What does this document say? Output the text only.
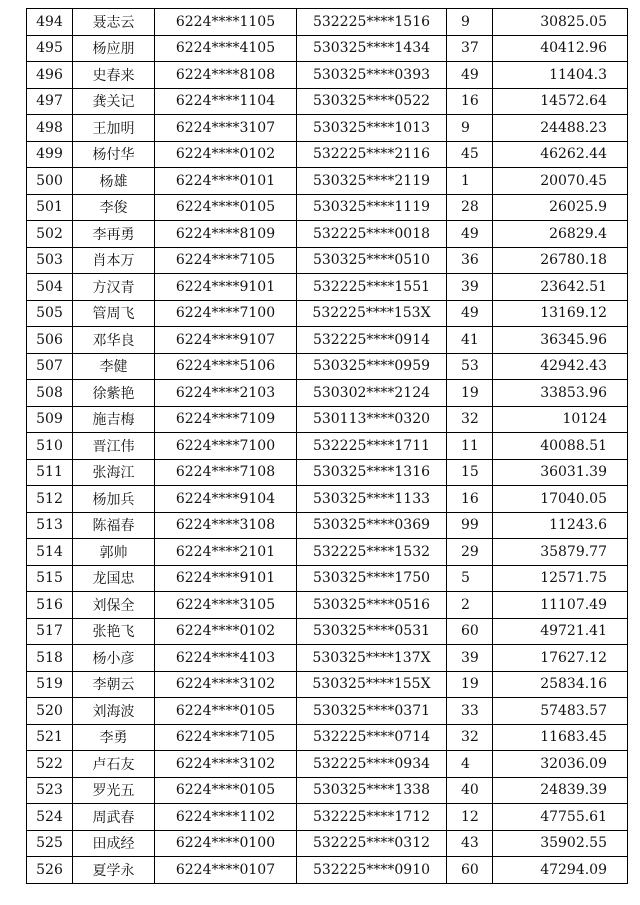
494	聂志云	6224****1105	532225****1516	9	30825.05
495	杨应朋	6224****4105	530325****1434	37	40412.96
496	史春来	6224****8108	530325****0393	49	11404.3
497	龚关记	6224****1104	530325****0522	16	14572.64
498	王加明	6224****3107	530325****1013	9	24488.23
499	杨付华	6224****0102	532225****2116	45	46262.44
500	杨雄	6224****0101	530325****2119	1	20070.45
501	李俊	6224****0105	530325****1119	28	26025.9
502	李再勇	6224****8109	532225****0018	49	26829.4
503	肖本万	6224****7105	530325****0510	36	26780.18
504	方汉青	6224****9101	532225****1551	39	23642.51
505	管周飞	6224****7100	532225****153X	49	13169.12
506	邓华良	6224****9107	532225****0914	41	36345.96
507	李健	6224****5106	530325****0959	53	42942.43
508	徐紫艳	6224****2103	530302****2124	19	33853.96
509	施吉梅	6224****7109	530113****0320	32	10124
510	晋江伟	6224****7100	532225****1711	11	40088.51
511	张海江	6224****7108	530325****1316	15	36031.39
512	杨加兵	6224****9104	530325****1133	16	17040.05
513	陈福春	6224****3108	530325****0369	99	11243.6
514	郭帅	6224****2101	532225****1532	29	35879.77
515	龙国忠	6224****9101	530325****1750	5	12571.75
516	刘保全	6224****3105	530325****0516	2	11107.49
517	张艳飞	6224****0102	530325****0531	60	49721.41
518	杨小彦	6224****4103	530325****137X	39	17627.12
519	李朝云	6224****3102	530325****155X	19	25834.16
520	刘海波	6224****0105	530325****0371	33	57483.57
521	李勇	6224****7105	532225****0714	32	11683.45
522	卢石友	6224****3102	532225****0934	4	32036.09
523	罗光五	6224****0105	530325****1338	40	24839.39
524	周武春	6224****1102	532225****1712	12	47755.61
525	田成经	6224****0100	532225****0312	43	35902.55
526	夏学永	6224****0107	532225****0910	60	47294.09
